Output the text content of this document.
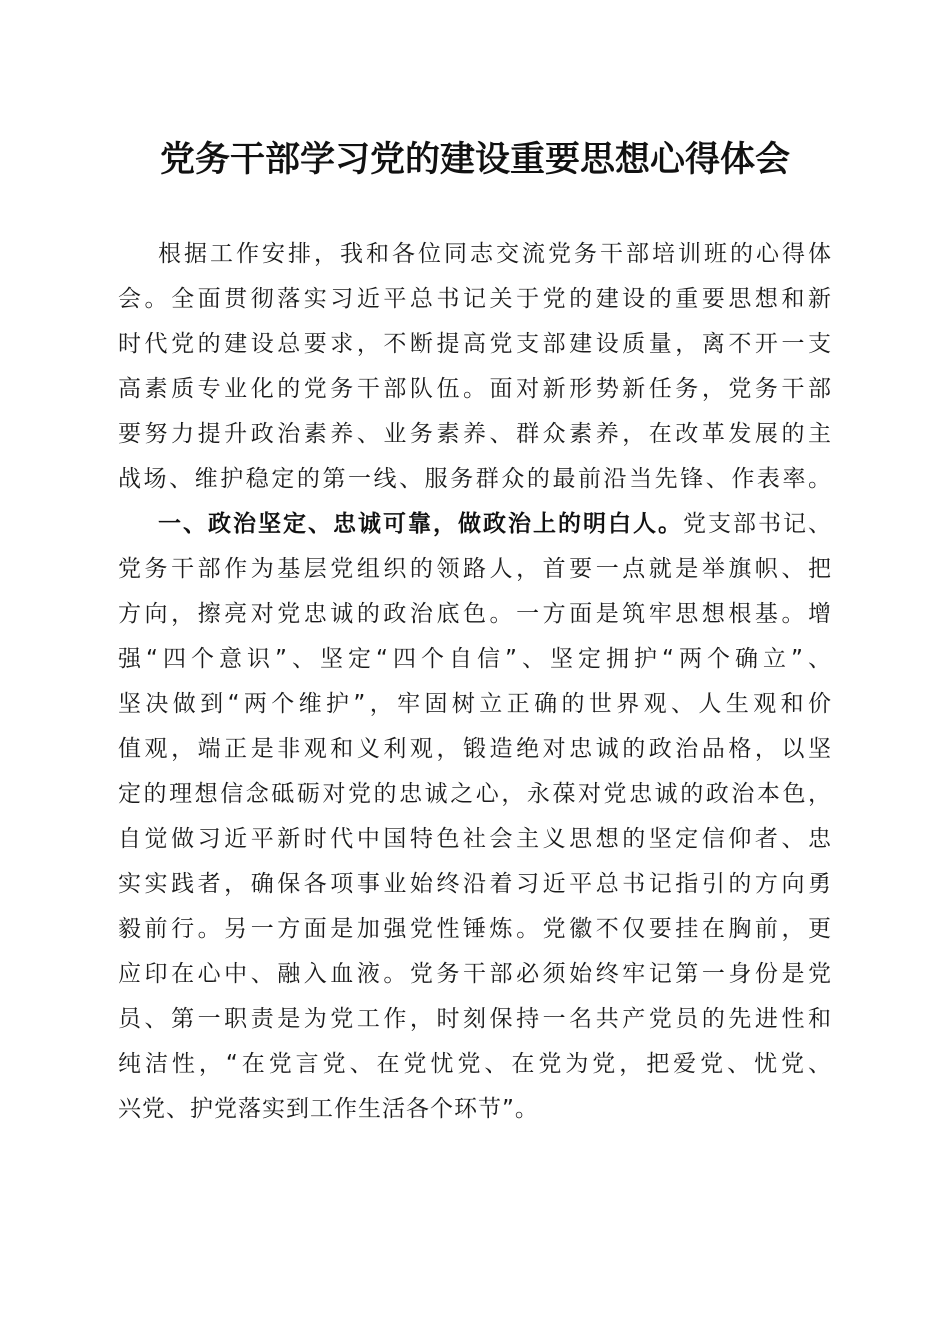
党务干部学习党的建设重要思想心得体会
根据工作安排，我和各位同志交流党务干部培训班的心得体
会。全面贯彻落实习近平总书记关于党的建设的重要思想和新
时代党的建设总要求，不断提高党支部建设质量，离不开一支
高素质专业化的党务干部队伍。面对新形势新任务，党务干部
要努力提升政治素养、业务素养、群众素养，在改革发展的主
战场、维护稳定的第一线、服务群众的最前沿当先锋、作表率。
一、政治坚定、忠诚可靠，做政治上的明白人。党支部书记、
党务干部作为基层党组织的领路人，首要一点就是举旗帜、把
方向，擦亮对党忠诚的政治底色。一方面是筑牢思想根基。增
强“四个意识”、坚定“四个自信”、坚定拥护“两个确立”、
坚决做到“两个维护”，牢固树立正确的世界观、人生观和价
值观，端正是非观和义利观，锻造绝对忠诚的政治品格，以坚
定的理想信念砥砺对党的忠诚之心，永葆对党忠诚的政治本色，
自觉做习近平新时代中国特色社会主义思想的坚定信仰者、忠
实实践者，确保各项事业始终沿着习近平总书记指引的方向勇
毅前行。另一方面是加强党性锤炼。党徽不仅要挂在胸前，更
应印在心中、融入血液。党务干部必须始终牢记第一身份是党
员、第一职责是为党工作，时刻保持一名共产党员的先进性和
纯洁性，“在党言党、在党忧党、在党为党，把爱党、忧党、
兴党、护党落实到工作生活各个环节”。
